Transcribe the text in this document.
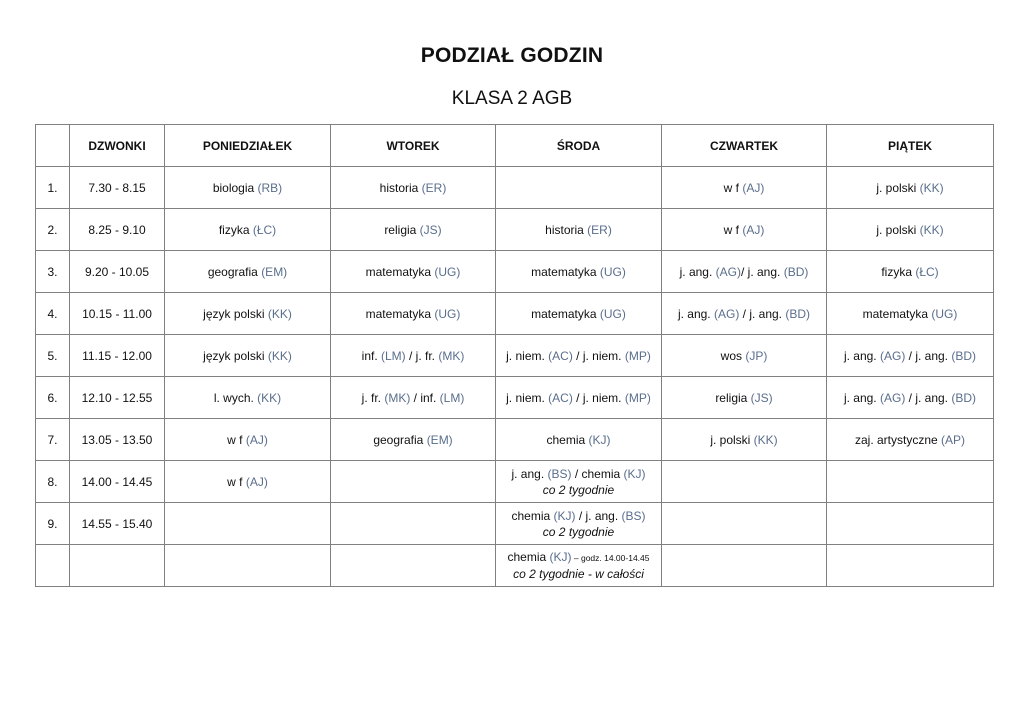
PODZIAŁ GODZIN
KLASA 2 AGB
	DZWONKI	PONIEDZIAŁEK	WTOREK	ŚRODA	CZWARTEK	PIĄTEK
1.	7.30 - 8.15	biologia (RB)	historia (ER)		w f (AJ)	j. polski (KK)
2.	8.25 - 9.10	fizyka (ŁC)	religia (JS)	historia (ER)	w f (AJ)	j. polski (KK)
3.	9.20 - 10.05	geografia (EM)	matematyka (UG)	matematyka (UG)	j. ang. (AG)/ j. ang. (BD)	fizyka (ŁC)
4.	10.15 - 11.00	język polski (KK)	matematyka (UG)	matematyka (UG)	j. ang. (AG) / j. ang. (BD)	matematyka (UG)
5.	11.15 - 12.00	język polski (KK)	inf. (LM) / j. fr. (MK)	j. niem. (AC) / j. niem. (MP)	wos (JP)	j. ang. (AG) / j. ang. (BD)
6.	12.10 - 12.55	l. wych. (KK)	j. fr. (MK) / inf. (LM)	j. niem. (AC) / j. niem. (MP)	religia (JS)	j. ang. (AG) / j. ang. (BD)
7.	13.05 - 13.50	w f (AJ)	geografia (EM)	chemia (KJ)	j. polski (KK)	zaj. artystyczne (AP)
8.	14.00 - 14.45	w f (AJ)		j. ang. (BS) / chemia (KJ)
co 2 tygodnie		

9.	14.55 - 15.40			chemia (KJ) / j. ang. (BS)
co 2 tygodnie		

				chemia (KJ) – godz. 14.00-14.45
co 2 tygodnie - w całości		
